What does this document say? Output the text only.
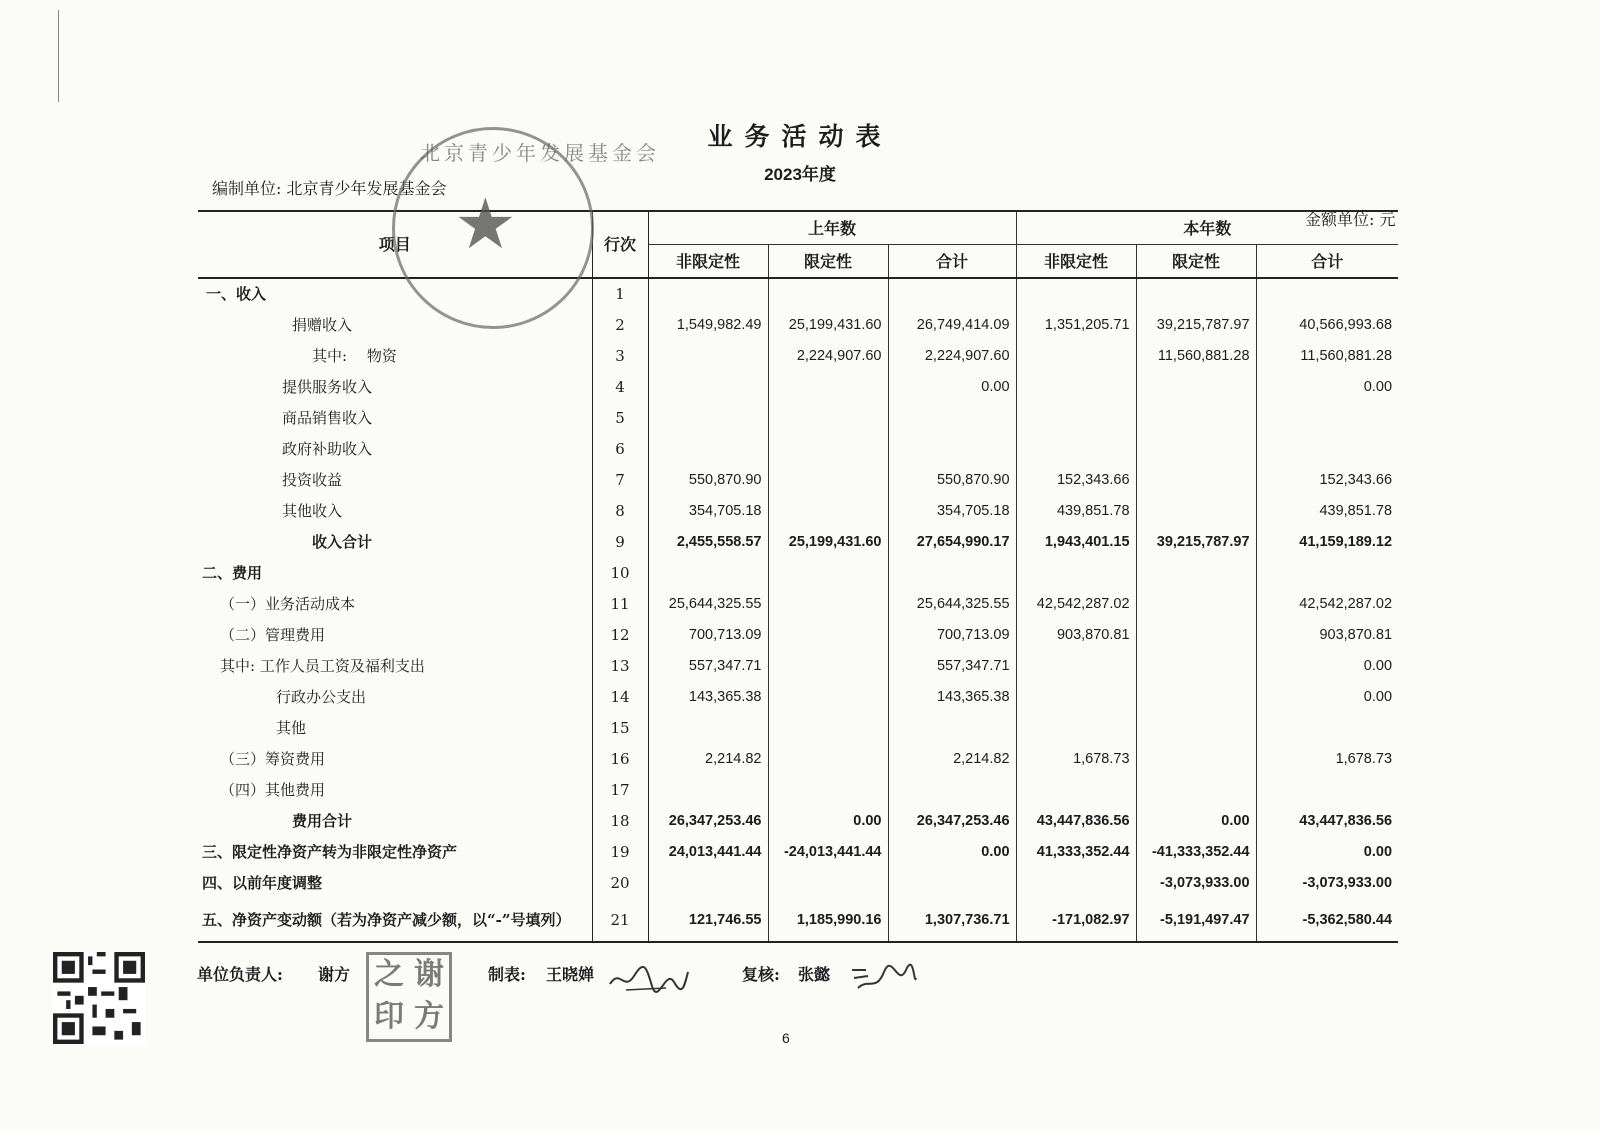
业务活动表
2023年度
编制单位: 北京青少年发展基金会
金额单位: 元
项目	行次	上年数			本年数		
		非限定性	限定性	合计	非限定性	限定性	合计
一、收入	1						
捐赠收入	2	1,549,982.49	25,199,431.60	26,749,414.09	1,351,205.71	39,215,787.97	40,566,993.68
其中:　 物资	3		2,224,907.60	2,224,907.60		11,560,881.28	11,560,881.28
提供服务收入	4			0.00			0.00
商品销售收入	5						
政府补助收入	6						
投资收益	7	550,870.90		550,870.90	152,343.66		152,343.66
其他收入	8	354,705.18		354,705.18	439,851.78		439,851.78
收入合计	9	2,455,558.57	25,199,431.60	27,654,990.17	1,943,401.15	39,215,787.97	41,159,189.12
二、费用	10						
（一）业务活动成本	11	25,644,325.55		25,644,325.55	42,542,287.02		42,542,287.02
（二）管理费用	12	700,713.09		700,713.09	903,870.81		903,870.81
其中: 工作人员工资及福利支出	13	557,347.71		557,347.71			0.00
行政办公支出	14	143,365.38		143,365.38			0.00
其他	15						
（三）筹资费用	16	2,214.82		2,214.82	1,678.73		1,678.73
（四）其他费用	17						
费用合计	18	26,347,253.46	0.00	26,347,253.46	43,447,836.56	0.00	43,447,836.56
三、限定性净资产转为非限定性净资产	19	24,013,441.44	-24,013,441.44	0.00	41,333,352.44	-41,333,352.44	0.00
四、以前年度调整	20					-3,073,933.00	-3,073,933.00
五、净资产变动额（若为净资产减少额，以“-”号填列）	21	121,746.55	1,185,990.16	1,307,736.71	-171,082.97	-5,191,497.47	-5,362,580.44
北京青少年发展基金会
★
单位负责人: 谢方 之 谢
印 方
制表: 王晓婵	复核: 张懿
6
